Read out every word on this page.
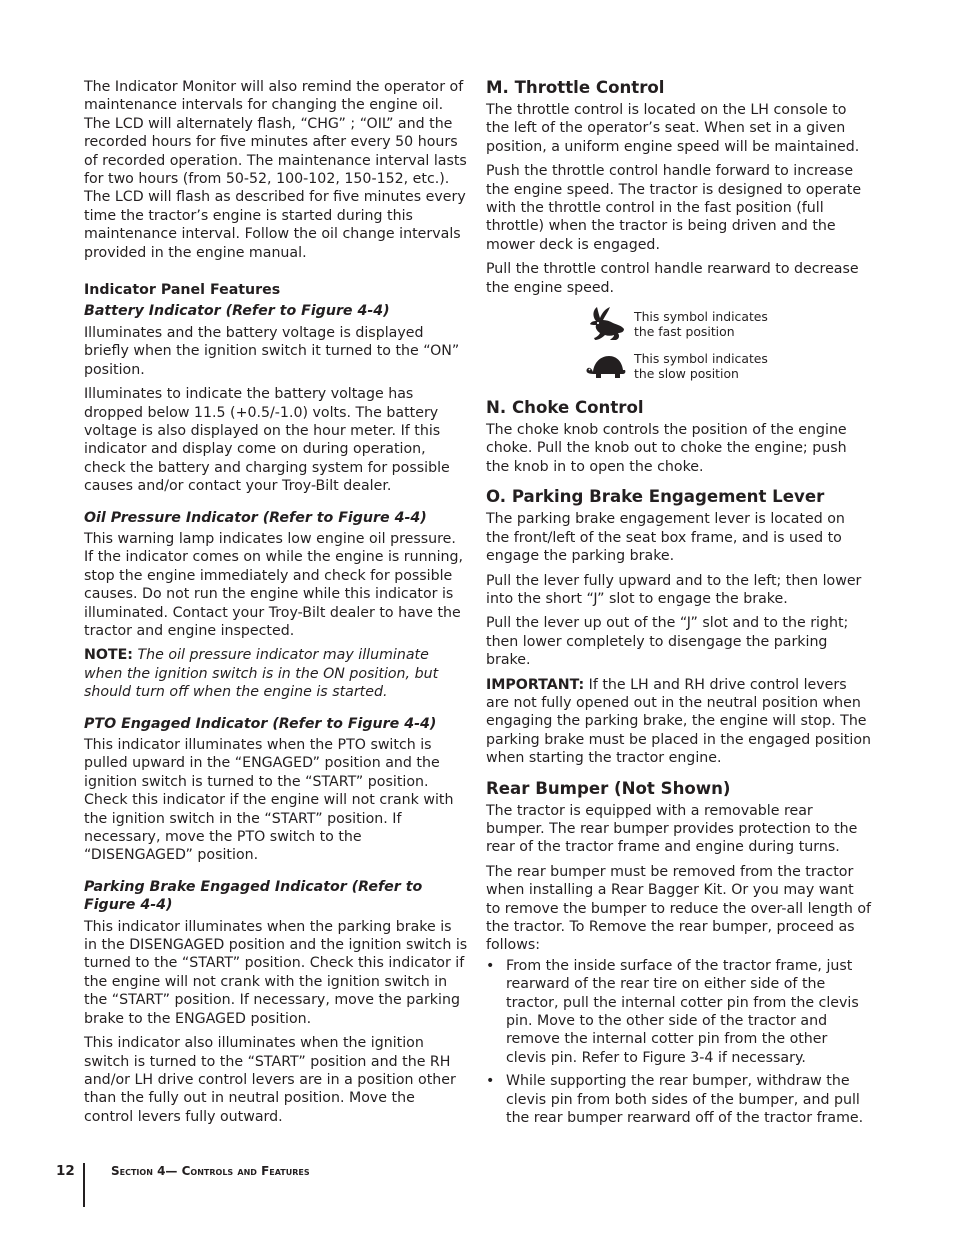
The Indicator Monitor will also remind the operator of maintenance intervals for changing the engine oil. The LCD will alternately flash, “CHG” ; “OIL” and the recorded hours for five minutes after every 50 hours of recorded operation. The maintenance interval lasts for two hours (from 50-52, 100-102, 150-152, etc.). The LCD will flash as described for five minutes every time the tractor’s engine is started during this maintenance interval. Follow the oil change intervals provided in the engine manual.

Indicator Panel Features
Battery Indicator (Refer to Figure 4-4)

Illuminates and the battery voltage is displayed briefly when the ignition switch it turned to the “ON” position.

Illuminates to indicate the battery voltage has dropped below 11.5 (+0.5/-1.0) volts. The battery voltage is also displayed on the hour meter. If this indicator and display come on during operation, check the battery and charging system for possible causes and/or contact your Troy-Bilt dealer.

Oil Pressure Indicator (Refer to Figure 4-4)

This warning lamp indicates low engine oil pressure. If the indicator comes on while the engine is running, stop the engine immediately and check for possible causes. Do not run the engine while this indicator is illuminated. Contact your Troy-Bilt dealer to have the tractor and engine inspected.

NOTE: The oil pressure indicator may illuminate when the ignition switch is in the ON position, but should turn off when the engine is started.

PTO Engaged Indicator (Refer to Figure 4-4)

This indicator illuminates when the PTO switch is pulled upward in the “ENGAGED” position and the ignition switch is turned to the “START” position. Check this indicator if the engine will not crank with the ignition switch in the “START” position. If necessary, move the PTO switch to the “DISENGAGED” position.

Parking Brake Engaged Indicator (Refer to Figure 4-4)

This indicator illuminates when the parking brake is in the DISENGAGED position and the ignition switch is turned to the “START” position. Check this indicator if the engine will not crank with the ignition switch in the “START” position. If necessary, move the parking brake to the ENGAGED position.

This indicator also illuminates when the ignition switch is turned to the “START” position and the RH and/or LH drive control levers are in a position other than the fully out in neutral position. Move the control levers fully outward.

M. Throttle Control

The throttle control is located on the LH console to the left of the operator’s seat. When set in a given position, a uniform engine speed will be maintained.

Push the throttle control handle forward to increase the engine speed. The tractor is designed to operate with the throttle control in the fast position (full throttle) when the tractor is being driven and the mower deck is engaged.

Pull the throttle control handle rearward to decrease the engine speed.

This symbol indicates
the fast position
This symbol indicates
the slow position
N. Choke Control

The choke knob controls the position of the engine choke. Pull the knob out to choke the engine; push the knob in to open the choke.

O. Parking Brake Engagement Lever

The parking brake engagement lever is located on the front/left of the seat box frame, and is used to engage the parking brake.

Pull the lever fully upward and to the left; then lower into the short “J” slot to engage the brake.

Pull the lever up out of the “J” slot and to the right; then lower completely to disengage the parking brake.

IMPORTANT: If the LH and RH drive control levers are not fully opened out in the neutral position when engaging the parking brake, the engine will stop. The parking brake must be placed in the engaged position when starting the tractor engine.

Rear Bumper (Not Shown)

The tractor is equipped with a removable rear bumper. The rear bumper provides protection to the rear of the tractor frame and engine during turns.

The rear bumper must be removed from the tractor when installing a Rear Bagger Kit. Or you may want to remove the bumper to reduce the over-all length of the tractor. To Remove the rear bumper, proceed as follows:

• From the inside surface of the tractor frame, just rearward of the rear tire on either side of the tractor, pull the internal cotter pin from the clevis pin. Move to the other side of the tractor and remove the internal cotter pin from the other clevis pin. Refer to Figure 3-4 if necessary.
• While supporting the rear bumper, withdraw the clevis pin from both sides of the bumper, and pull the rear bumper rearward off of the tractor frame.
12	Section 4— Controls and Features
